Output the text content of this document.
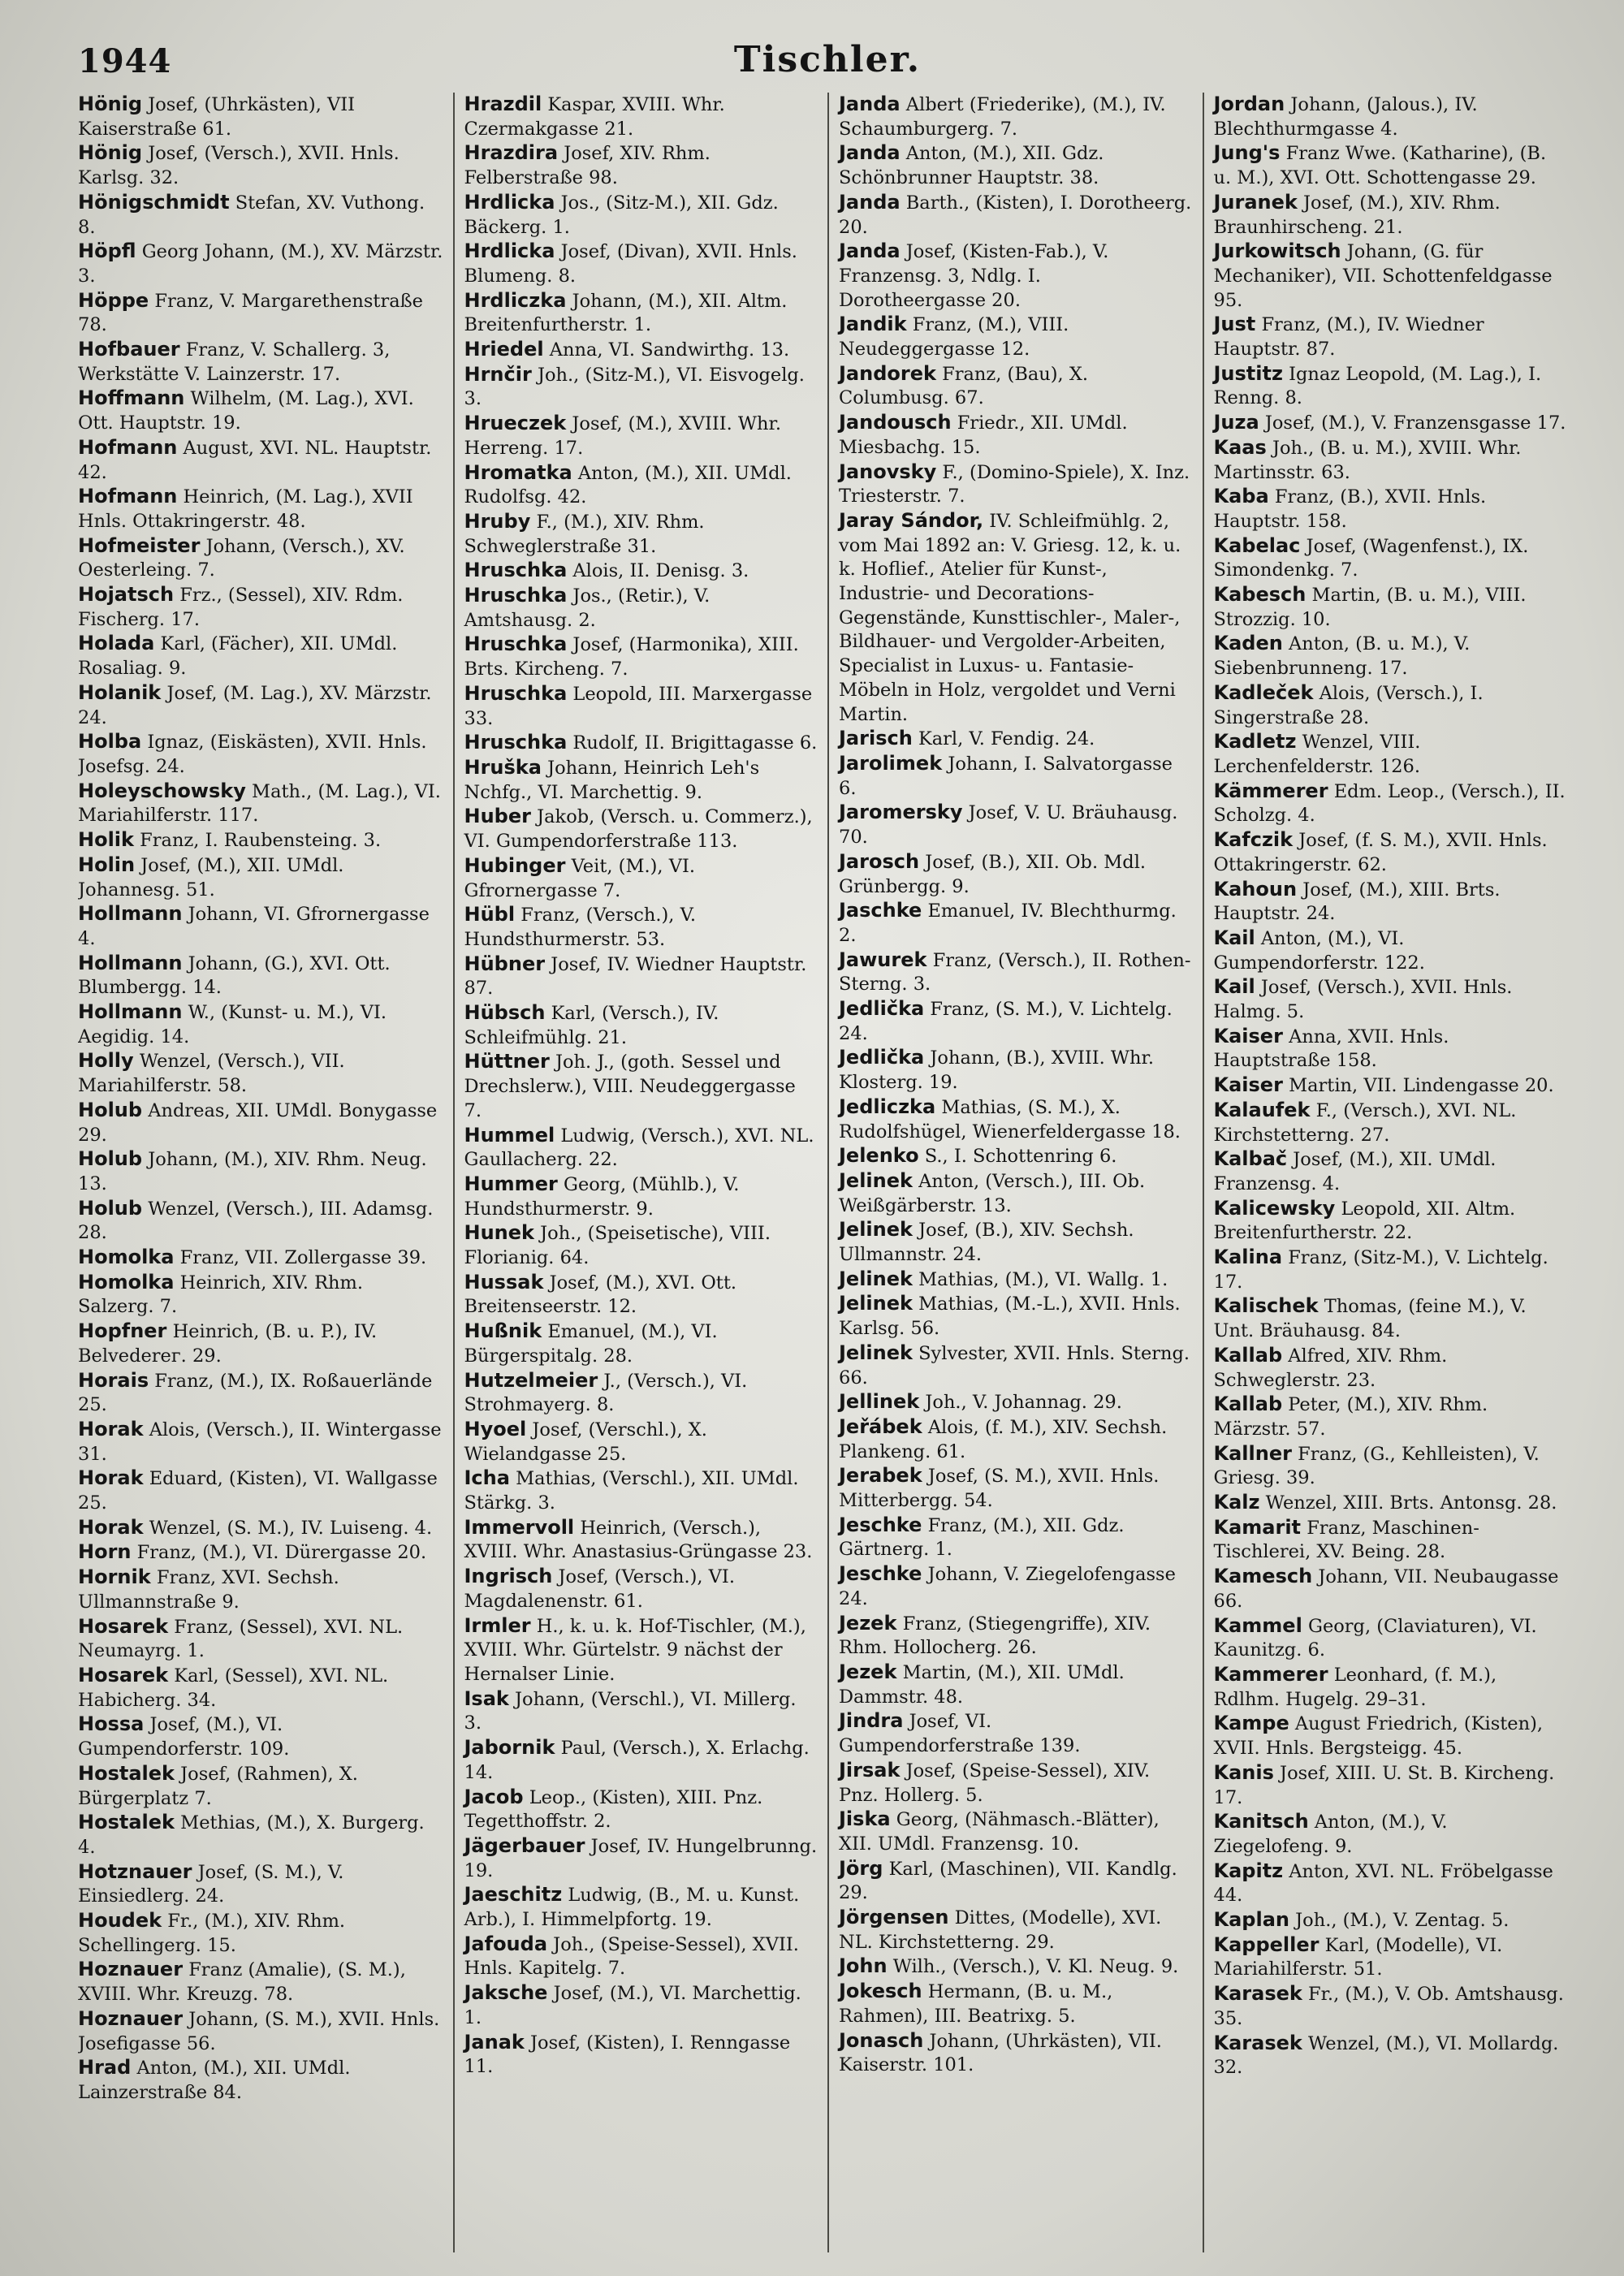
1944	Tischler.

Hönig Josef, (Uhrkästen), VII Kaiserstraße 61.

Hönig Josef, (Versch.), XVII. Hnls. Karlsg. 32.

Hönigschmidt Stefan, XV. Vuthong. 8.

Höpfl Georg Johann, (M.), XV. Märzstr. 3.

Höppe Franz, V. Margarethenstraße 78.

Hofbauer Franz, V. Schallerg. 3, Werkstätte V. Lainzerstr. 17.

Hoffmann Wilhelm, (M. Lag.), XVI. Ott. Hauptstr. 19.

Hofmann August, XVI. NL. Hauptstr. 42.

Hofmann Heinrich, (M. Lag.), XVII Hnls. Ottakringerstr. 48.

Hofmeister Johann, (Versch.), XV. Oesterleing. 7.

Hojatsch Frz., (Sessel), XIV. Rdm. Fischerg. 17.

Holada Karl, (Fächer), XII. UMdl. Rosaliag. 9.

Holanik Josef, (M. Lag.), XV. Märzstr. 24.

Holba Ignaz, (Eiskästen), XVII. Hnls. Josefsg. 24.

Holeyschowsky Math., (M. Lag.), VI. Mariahilferstr. 117.

Holik Franz, I. Raubensteing. 3.

Holin Josef, (M.), XII. UMdl. Johannesg. 51.

Hollmann Johann, VI. Gfrornergasse 4.

Hollmann Johann, (G.), XVI. Ott. Blumbergg. 14.

Hollmann W., (Kunst- u. M.), VI. Aegidig. 14.

Holly Wenzel, (Versch.), VII. Mariahilferstr. 58.

Holub Andreas, XII. UMdl. Bonygasse 29.

Holub Johann, (M.), XIV. Rhm. Neug. 13.

Holub Wenzel, (Versch.), III. Adamsg. 28.

Homolka Franz, VII. Zollergasse 39.

Homolka Heinrich, XIV. Rhm. Salzerg. 7.

Hopfner Heinrich, (B. u. P.), IV. Belvederег. 29.

Horais Franz, (M.), IX. Roßauerlände 25.

Horak Alois, (Versch.), II. Wintergasse 31.

Horak Eduard, (Kisten), VI. Wallgasse 25.

Horak Wenzel, (S. M.), IV. Luiseng. 4.

Horn Franz, (M.), VI. Dürergasse 20.

Hornik Franz, XVI. Sechsh. Ullmannstraße 9.

Hosarek Franz, (Sessel), XVI. NL. Neumayrg. 1.

Hosarek Karl, (Sessel), XVI. NL. Habicherg. 34.

Hossa Josef, (M.), VI. Gumpendorferstr. 109.

Hostalek Josef, (Rahmen), X. Bürgerplatz 7.

Hostalek Methias, (M.), X. Burgerg. 4.

Hotznauer Josef, (S. M.), V. Einsiedlerg. 24.

Houdek Fr., (M.), XIV. Rhm. Schellingerg. 15.

Hoznauer Franz (Amalie), (S. M.), XVIII. Whr. Kreuzg. 78.

Hoznauer Johann, (S. M.), XVII. Hnls. Josefigasse 56.

Hrad Anton, (M.), XII. UMdl. Lainzerstraße 84.

Hrazdil Kaspar, XVIII. Whr. Czermakgasse 21.

Hrazdira Josef, XIV. Rhm. Felberstraße 98.

Hrdlicka Jos., (Sitz-M.), XII. Gdz. Bäckerg. 1.

Hrdlicka Josef, (Divan), XVII. Hnls. Blumeng. 8.

Hrdliczka Johann, (M.), XII. Altm. Breitenfurtherstr. 1.

Hriedel Anna, VI. Sandwirthg. 13.

Hrnčir Joh., (Sitz-M.), VI. Eisvogelg. 3.

Hrueczek Josef, (M.), XVIII. Whr. Herreng. 17.

Hromatka Anton, (M.), XII. UMdl. Rudolfsg. 42.

Hruby F., (M.), XIV. Rhm. Schweglerstraße 31.

Hruschka Alois, II. Denisg. 3.

Hruschka Jos., (Retir.), V. Amtshausg. 2.

Hruschka Josef, (Harmonika), XIII. Brts. Kircheng. 7.

Hruschka Leopold, III. Marxergasse 33.

Hruschka Rudolf, II. Brigittagasse 6.

Hruška Johann, Heinrich Leh's Nchfg., VI. Marchettig. 9.

Huber Jakob, (Versch. u. Commerz.), VI. Gumpendorferstraße 113.

Hubinger Veit, (M.), VI. Gfrornergasse 7.

Hübl Franz, (Versch.), V. Hundsthurmerstr. 53.

Hübner Josef, IV. Wiedner Hauptstr. 87.

Hübsch Karl, (Versch.), IV. Schleifmühlg. 21.

Hüttner Joh. J., (goth. Sessel und Drechslerw.), VIII. Neudeggergasse 7.

Hummel Ludwig, (Versch.), XVI. NL. Gaullacherg. 22.

Hummer Georg, (Mühlb.), V. Hundsthurmerstr. 9.

Hunek Joh., (Speisetische), VIII. Florianig. 64.

Hussak Josef, (M.), XVI. Ott. Breitenseerstr. 12.

Hußnik Emanuel, (M.), VI. Bürgerspitalg. 28.

Hutzelmeier J., (Versch.), VI. Strohmayerg. 8.

Hyoel Josef, (Verschl.), X. Wielandgasse 25.

Icha Mathias, (Verschl.), XII. UMdl. Stärkg. 3.

Immervoll Heinrich, (Versch.), XVIII. Whr. Anastasius-Grüngasse 23.

Ingrisch Josef, (Versch.), VI. Magdalenenstr. 61.

Irmler H., k. u. k. Hof-Tischler, (M.), XVIII. Whr. Gürtelstr. 9 nächst der Hernalser Linie.

Isak Johann, (Verschl.), VI. Millerg. 3.

Jabornik Paul, (Versch.), X. Erlachg. 14.

Jacob Leop., (Kisten), XIII. Pnz. Tegetthoffstr. 2.

Jägerbauer Josef, IV. Hungelbrunng. 19.

Jaeschitz Ludwig, (B., M. u. Kunst. Arb.), I. Himmelpfortg. 19.

Jafouda Joh., (Speise-Sessel), XVII. Hnls. Kapitelg. 7.

Jaksche Josef, (M.), VI. Marchettig. 1.

Janak Josef, (Kisten), I. Renngasse 11.

Janda Albert (Friederike), (M.), IV. Schaumburgerg. 7.

Janda Anton, (M.), XII. Gdz. Schönbrunner Hauptstr. 38.

Janda Barth., (Kisten), I. Dorotheerg. 20.

Janda Josef, (Kisten-Fab.), V. Franzensg. 3, Ndlg. I. Dorotheergasse 20.

Jandik Franz, (M.), VIII. Neudeggergasse 12.

Jandorek Franz, (Bau), X. Columbusg. 67.

Jandousch Friedr., XII. UMdl. Miesbachg. 15.

Janovsky F., (Domino-Spiele), X. Inz. Triesterstr. 7.

Jaray Sándor, IV. Schleifmühlg. 2, vom Mai 1892 an: V. Griesg. 12, k. u. k. Hoflief., Atelier für Kunst-, Industrie- und Decorations-Gegenstände, Kunsttischler-, Maler-, Bildhauer- und Vergolder-Arbeiten, Specialist in Luxus- u. Fantasie-Möbeln in Holz, vergoldet und Verni Martin.

Jarisch Karl, V. Fendig. 24.

Jarolimek Johann, I. Salvatorgasse 6.

Jaromersky Josef, V. U. Bräuhausg. 70.

Jarosch Josef, (B.), XII. Ob. Mdl. Grünbergg. 9.

Jaschke Emanuel, IV. Blechthurmg. 2.

Jawurek Franz, (Versch.), II. Rothen-Sterng. 3.

Jedlička Franz, (S. M.), V. Lichtelg. 24.

Jedlička Johann, (B.), XVIII. Whr. Klosterg. 19.

Jedliczka Mathias, (S. M.), X. Rudolfshügel, Wienerfeldergasse 18.

Jelenko S., I. Schottenring 6.

Jelinek Anton, (Versch.), III. Ob. Weißgärberstr. 13.

Jelinek Josef, (B.), XIV. Sechsh. Ullmannstr. 24.

Jelinek Mathias, (M.), VI. Wallg. 1.

Jelinek Mathias, (M.-L.), XVII. Hnls. Karlsg. 56.

Jelinek Sylvester, XVII. Hnls. Sterng. 66.

Jellinek Joh., V. Johannag. 29.

Jeřábek Alois, (f. M.), XIV. Sechsh. Plankeng. 61.

Jerabek Josef, (S. M.), XVII. Hnls. Mitterbergg. 54.

Jeschke Franz, (M.), XII. Gdz. Gärtnerg. 1.

Jeschke Johann, V. Ziegelofengasse 24.

Jezek Franz, (Stiegengriffe), XIV. Rhm. Hollocherg. 26.

Jezek Martin, (M.), XII. UMdl. Dammstr. 48.

Jindra Josef, VI. Gumpendorferstraße 139.

Jirsak Josef, (Speise-Sessel), XIV. Pnz. Hollerg. 5.

Jiska Georg, (Nähmasch.-Blätter), XII. UMdl. Franzensg. 10.

Jörg Karl, (Maschinen), VII. Kandlg. 29.

Jörgensen Dittes, (Modelle), XVI. NL. Kirchstetterng. 29.

John Wilh., (Versch.), V. Kl. Neug. 9.

Jokesch Hermann, (B. u. M., Rahmen), III. Beatrixg. 5.

Jonasch Johann, (Uhrkästen), VII. Kaiserstr. 101.

Jordan Johann, (Jalous.), IV. Blechthurmgasse 4.

Jung's Franz Wwe. (Katharine), (B. u. M.), XVI. Ott. Schottengasse 29.

Juranek Josef, (M.), XIV. Rhm. Braunhirscheng. 21.

Jurkowitsch Johann, (G. für Mechaniker), VII. Schottenfeldgasse 95.

Just Franz, (M.), IV. Wiedner Hauptstr. 87.

Justitz Ignaz Leopold, (M. Lag.), I. Renng. 8.

Juza Josef, (M.), V. Franzensgasse 17.

Kaas Joh., (B. u. M.), XVIII. Whr. Martinsstr. 63.

Kaba Franz, (B.), XVII. Hnls. Hauptstr. 158.

Kabelac Josef, (Wagenfenst.), IX. Simondenkg. 7.

Kabesch Martin, (B. u. M.), VIII. Strozzig. 10.

Kaden Anton, (B. u. M.), V. Siebenbrunneng. 17.

Kadleček Alois, (Versch.), I. Singerstraße 28.

Kadletz Wenzel, VIII. Lerchenfelderstr. 126.

Kämmerer Edm. Leop., (Versch.), II. Scholzg. 4.

Kafczik Josef, (f. S. M.), XVII. Hnls. Ottakringerstr. 62.

Kahoun Josef, (M.), XIII. Brts. Hauptstr. 24.

Kail Anton, (M.), VI. Gumpendorferstr. 122.

Kail Josef, (Versch.), XVII. Hnls. Halmg. 5.

Kaiser Anna, XVII. Hnls. Hauptstraße 158.

Kaiser Martin, VII. Lindengasse 20.

Kalaufek F., (Versch.), XVI. NL. Kirchstetterng. 27.

Kalbač Josef, (M.), XII. UMdl. Franzensg. 4.

Kalicewsky Leopold, XII. Altm. Breitenfurtherstr. 22.

Kalina Franz, (Sitz-M.), V. Lichtelg. 17.

Kalischek Thomas, (feine M.), V. Unt. Bräuhausg. 84.

Kallab Alfred, XIV. Rhm. Schweglerstr. 23.

Kallab Peter, (M.), XIV. Rhm. Märzstr. 57.

Kallner Franz, (G., Kehlleisten), V. Griesg. 39.

Kalz Wenzel, XIII. Brts. Antonsg. 28.

Kamarit Franz, Maschinen-Tischlerei, XV. Being. 28.

Kamesch Johann, VII. Neubaugasse 66.

Kammel Georg, (Claviaturen), VI. Kaunitzg. 6.

Kammerer Leonhard, (f. M.), Rdlhm. Hugelg. 29–31.

Kampe August Friedrich, (Kisten), XVII. Hnls. Bergsteigg. 45.

Kanis Josef, XIII. U. St. B. Kircheng. 17.

Kanitsch Anton, (M.), V. Ziegelofeng. 9.

Kapitz Anton, XVI. NL. Fröbelgasse 44.

Kaplan Joh., (M.), V. Zentag. 5.

Kappeller Karl, (Modelle), VI. Mariahilferstr. 51.

Karasek Fr., (M.), V. Ob. Amtshausg. 35.

Karasek Wenzel, (M.), VI. Mollardg. 32.
